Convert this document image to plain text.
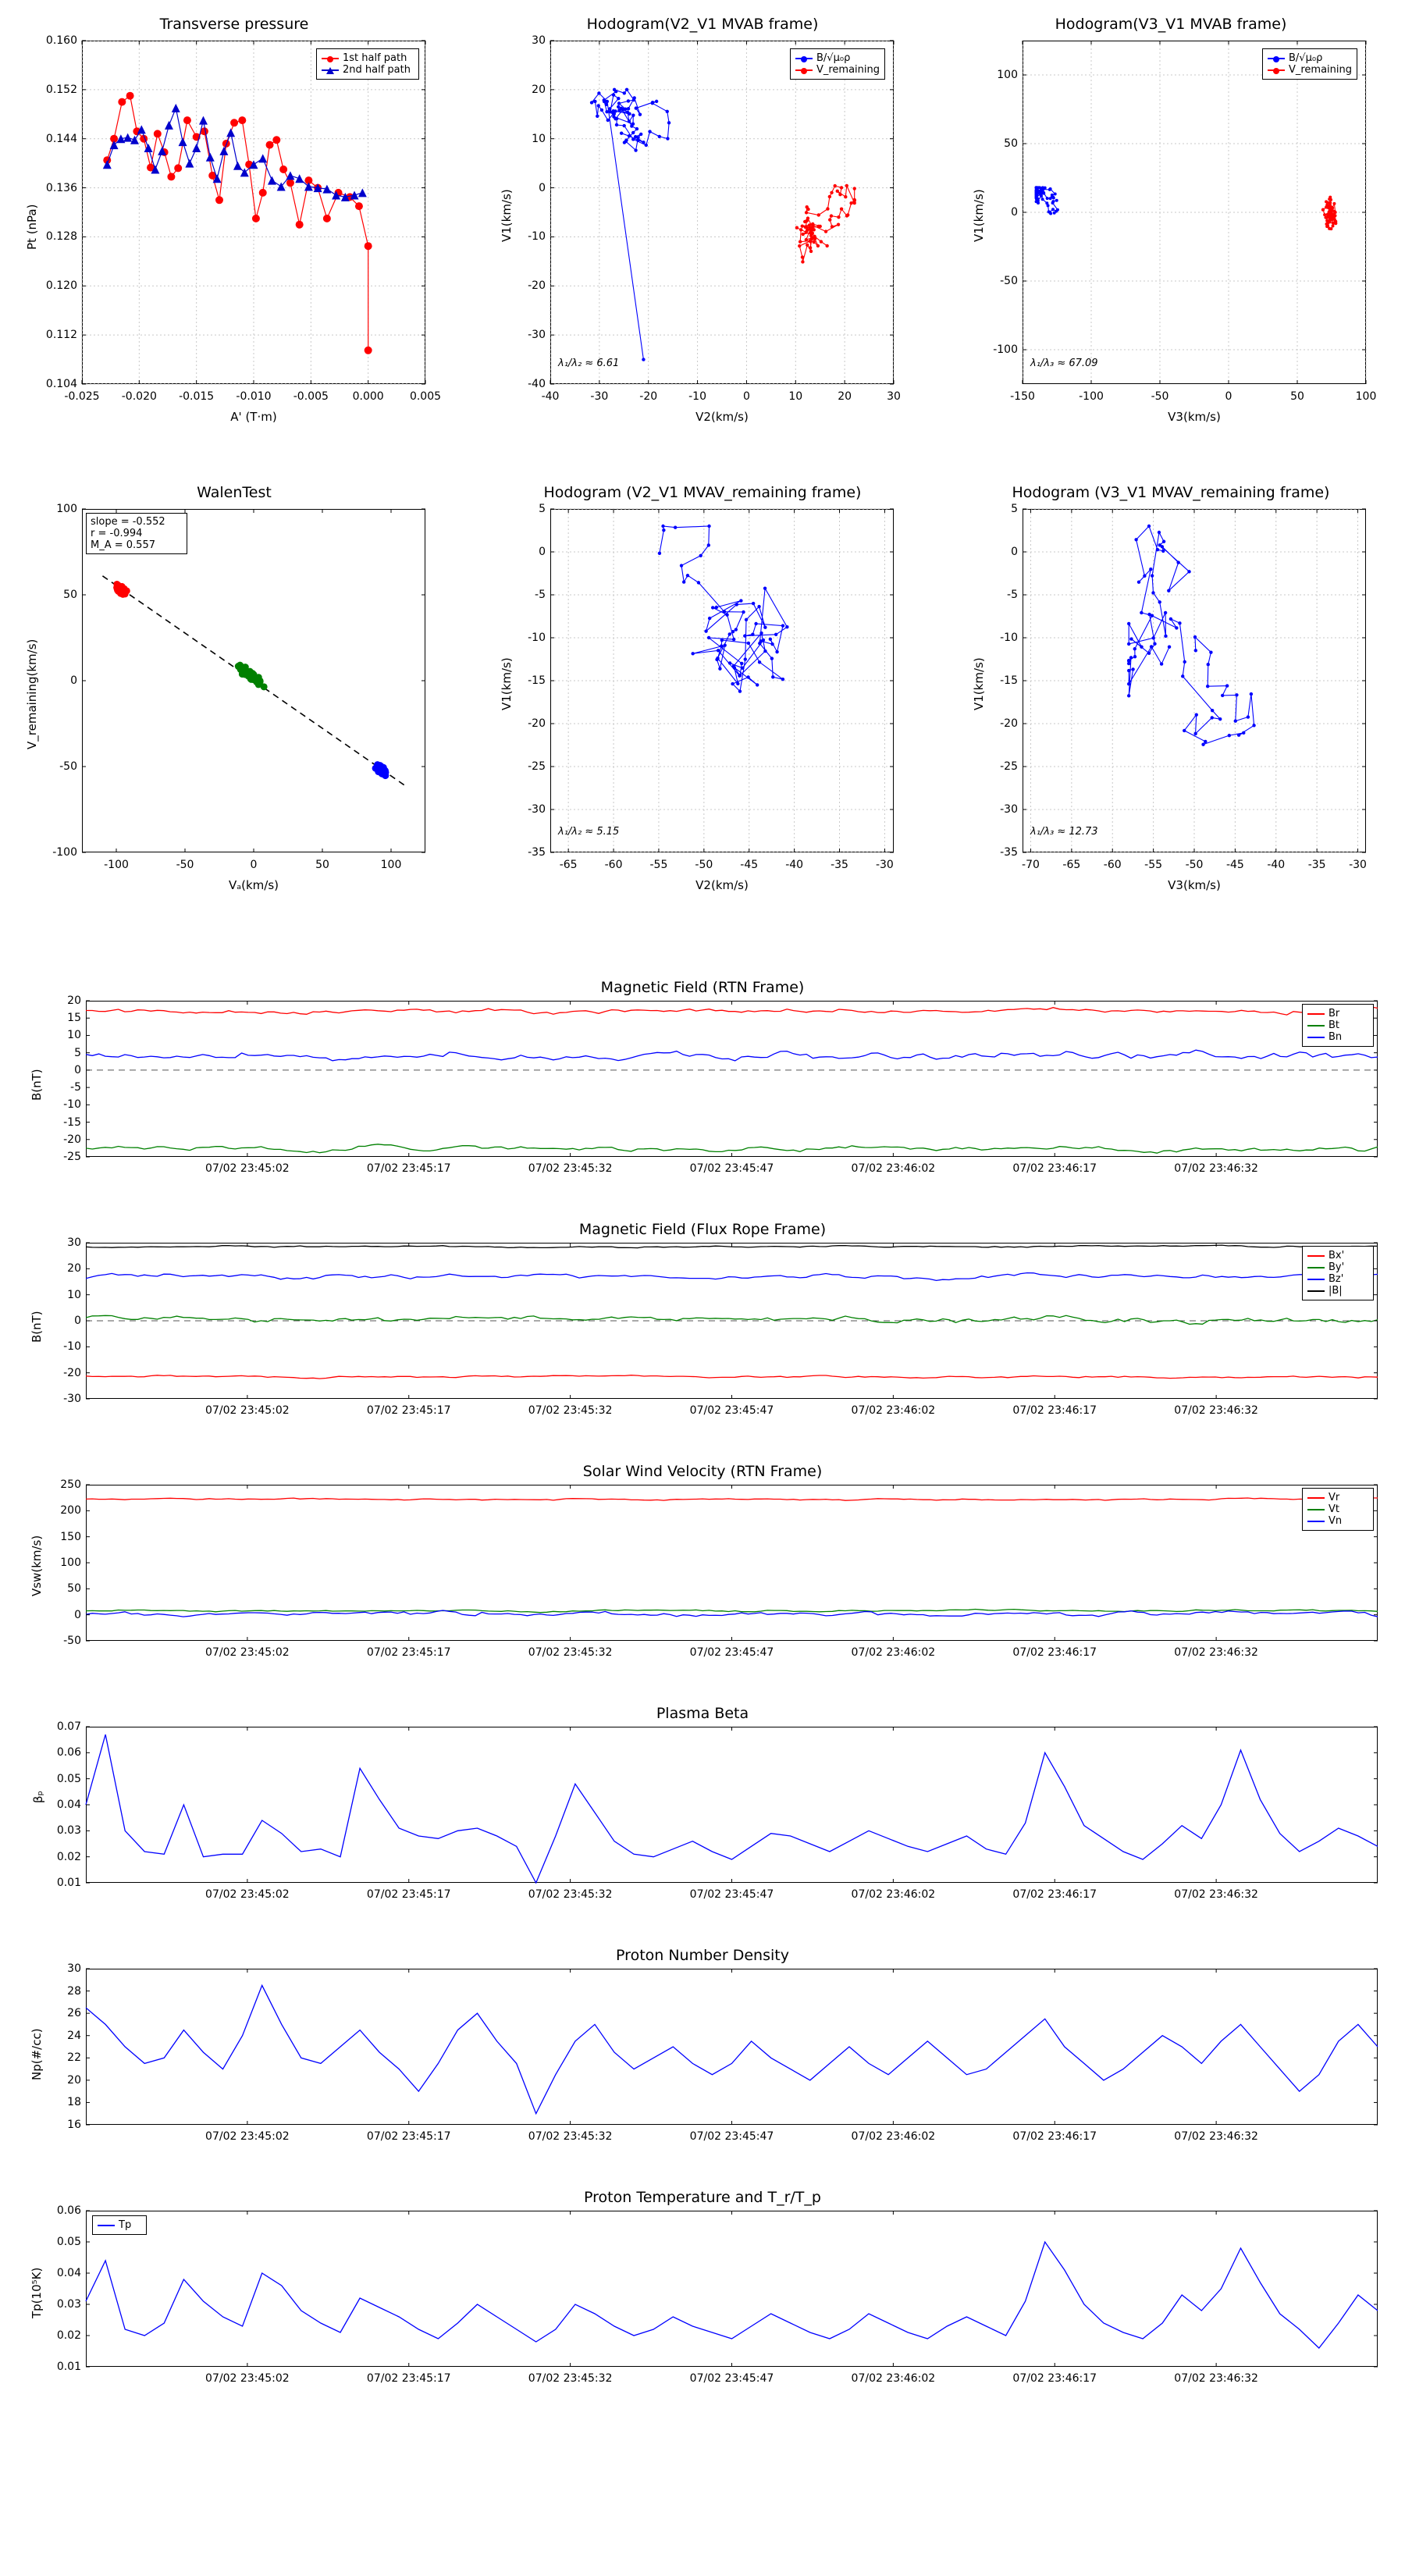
Transverse pressure
Pt (nPa)
A' (T·m)
0.104
0.112
0.120
0.128
0.136
0.144
0.152
0.160
-0.025	-0.020	-0.015	-0.010	-0.005	0.000	0.005
1st half path
2nd half path
Hodogram(V2_V1 MVAB frame)
V1(km/s)
V2(km/s)
-40
-30
-20
-10
0
10
20
30
-40	-30	-20	-10	0	10	20	30
B/√μ₀ρ
V_remaining
λ₁/λ₂ ≈ 6.61
Hodogram(V3_V1 MVAB frame)
V1(km/s)
V3(km/s)
-100
-50
0
50
100
-150	-100	-50	0	50	100
B/√μ₀ρ
V_remaining
λ₁/λ₃ ≈ 67.09
WalenTest
V_remaining(km/s)
Vₐ(km/s)
-100
-50
0
50
100
-100	-50	0	50	100
slope = -0.552
r = -0.994
M_A = 0.557
Hodogram (V2_V1 MVAV_remaining frame)
V1(km/s)
V2(km/s)
-35
-30
-25
-20
-15
-10
-5
0
5
-65	-60	-55	-50	-45	-40	-35	-30
λ₁/λ₂ ≈ 5.15
Hodogram (V3_V1 MVAV_remaining frame)
V1(km/s)
V3(km/s)
-35
-30
-25
-20
-15
-10
-5
0
5
-70	-65	-60	-55	-50	-45	-40	-35	-30
λ₁/λ₃ ≈ 12.73
Magnetic Field (RTN Frame)
B(nT)
-25
-20
-15
-10
-5
0
5
10
15
20
07/02 23:45:02	07/02 23:45:17	07/02 23:45:32	07/02 23:45:47	07/02 23:46:02	07/02 23:46:17	07/02 23:46:32
Br
Bt
Bn
Magnetic Field (Flux Rope Frame)
B(nT)
-30
-20
-10
0
10
20
30
07/02 23:45:02	07/02 23:45:17	07/02 23:45:32	07/02 23:45:47	07/02 23:46:02	07/02 23:46:17	07/02 23:46:32
Bx'
By'
Bz'
|B|
Solar Wind Velocity (RTN Frame)
Vsw(km/s)
-50
0
50
100
150
200
250
07/02 23:45:02	07/02 23:45:17	07/02 23:45:32	07/02 23:45:47	07/02 23:46:02	07/02 23:46:17	07/02 23:46:32
Vr
Vt
Vn
Plasma Beta
βₚ
0.01
0.02
0.03
0.04
0.05
0.06
0.07
07/02 23:45:02	07/02 23:45:17	07/02 23:45:32	07/02 23:45:47	07/02 23:46:02	07/02 23:46:17	07/02 23:46:32
Proton Number Density
Np(#/cc)
16
18
20
22
24
26
28
30
07/02 23:45:02	07/02 23:45:17	07/02 23:45:32	07/02 23:45:47	07/02 23:46:02	07/02 23:46:17	07/02 23:46:32
Proton Temperature and T_r/T_p
Tp(10⁵K)
0.01
0.02
0.03
0.04
0.05
0.06
07/02 23:45:02	07/02 23:45:17	07/02 23:45:32	07/02 23:45:47	07/02 23:46:02	07/02 23:46:17	07/02 23:46:32
Tp
